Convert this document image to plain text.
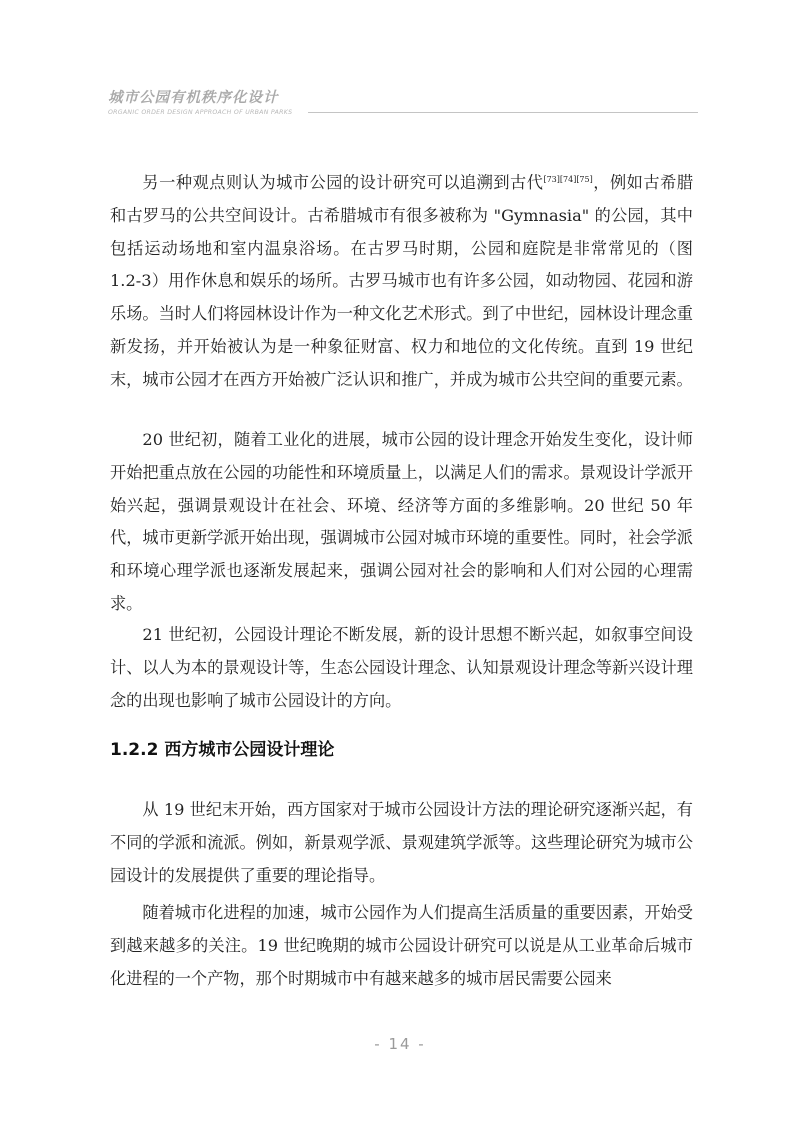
城市公园有机秩序化设计
ORGANIC ORDER DESIGN APPROACH OF URBAN PARKS

另一种观点则认为城市公园的设计研究可以追溯到古代[73][74][75]，例如古希腊和古罗马的公共空间设计。古希腊城市有很多被称为 "Gymnasia" 的公园，其中包括运动场地和室内温泉浴场。在古罗马时期，公园和庭院是非常常见的（图 1.2-3）用作休息和娱乐的场所。古罗马城市也有许多公园，如动物园、花园和游乐场。当时人们将园林设计作为一种文化艺术形式。到了中世纪，园林设计理念重新发扬，并开始被认为是一种象征财富、权力和地位的文化传统。直到 19 世纪末，城市公园才在西方开始被广泛认识和推广，并成为城市公共空间的重要元素。

20 世纪初，随着工业化的进展，城市公园的设计理念开始发生变化，设计师开始把重点放在公园的功能性和环境质量上，以满足人们的需求。景观设计学派开始兴起，强调景观设计在社会、环境、经济等方面的多维影响。20 世纪 50 年代，城市更新学派开始出现，强调城市公园对城市环境的重要性。同时，社会学派和环境心理学派也逐渐发展起来，强调公园对社会的影响和人们对公园的心理需求。

21 世纪初，公园设计理论不断发展，新的设计思想不断兴起，如叙事空间设计、以人为本的景观设计等，生态公园设计理念、认知景观设计理念等新兴设计理念的出现也影响了城市公园设计的方向。

1.2.2 西方城市公园设计理论

从 19 世纪末开始，西方国家对于城市公园设计方法的理论研究逐渐兴起，有不同的学派和流派。例如，新景观学派、景观建筑学派等。这些理论研究为城市公园设计的发展提供了重要的理论指导。

随着城市化进程的加速，城市公园作为人们提高生活质量的重要因素，开始受到越来越多的关注。19 世纪晚期的城市公园设计研究可以说是从工业革命后城市化进程的一个产物，那个时期城市中有越来越多的城市居民需要公园来

- 14 -
